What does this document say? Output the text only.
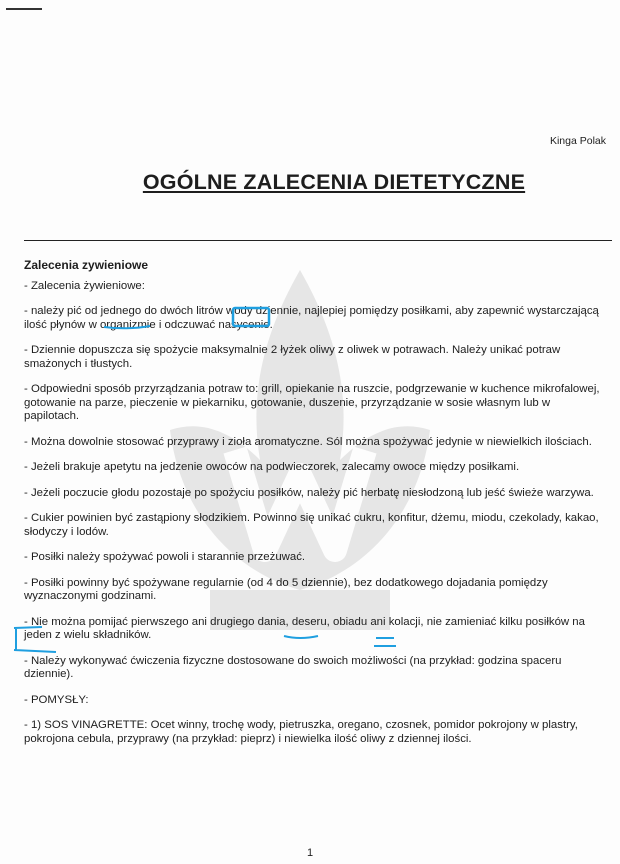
Kinga Polak
OGÓLNE ZALECENIA DIETETYCZNE
Zalecenia zywieniowe
- Zalecenia żywieniowe:
- należy pić od jednego do dwóch litrów wody dziennie, najlepiej pomiędzy posiłkami, aby zapewnić wystarczającą ilość płynów w organizmie i odczuwać nasycenie.
- Dziennie dopuszcza się spożycie maksymalnie 2 łyżek oliwy z oliwek w potrawach. Należy unikać potraw smażonych i tłustych.
- Odpowiedni sposób przyrządzania potraw to: grill, opiekanie na ruszcie, podgrzewanie w kuchence mikrofalowej, gotowanie na parze, pieczenie w piekarniku, gotowanie, duszenie, przyrządzanie w sosie własnym lub w papilotach.
- Można dowolnie stosować przyprawy i zioła aromatyczne. Sól można spożywać jedynie w niewielkich ilościach.
- Jeżeli brakuje apetytu na jedzenie owoców na podwieczorek, zalecamy owoce między posiłkami.
- Jeżeli poczucie głodu pozostaje po spożyciu posiłków, należy pić herbatę niesłodzoną lub jeść świeże warzywa.
- Cukier powinien być zastąpiony słodzikiem. Powinno się unikać cukru, konfitur, dżemu, miodu, czekolady, kakao, słodyczy i lodów.
- Posiłki należy spożywać powoli i starannie przeżuwać.
- Posiłki powinny być spożywane regularnie (od 4 do 5 dziennie), bez dodatkowego dojadania pomiędzy wyznaczonymi godzinami.
- Nie można pomijać pierwszego ani drugiego dania, deseru, obiadu ani kolacji, nie zamieniać kilku posiłków na jeden z wielu składników.
- Należy wykonywać ćwiczenia fizyczne dostosowane do swoich możliwości (na przykład: godzina spaceru dziennie).
- POMYSŁY:
- 1) SOS VINAGRETTE: Ocet winny, trochę wody, pietruszka, oregano, czosnek, pomidor pokrojony w plastry, pokrojona cebula, przyprawy (na przykład: pieprz) i niewielka ilość oliwy z dziennej ilości.
1
